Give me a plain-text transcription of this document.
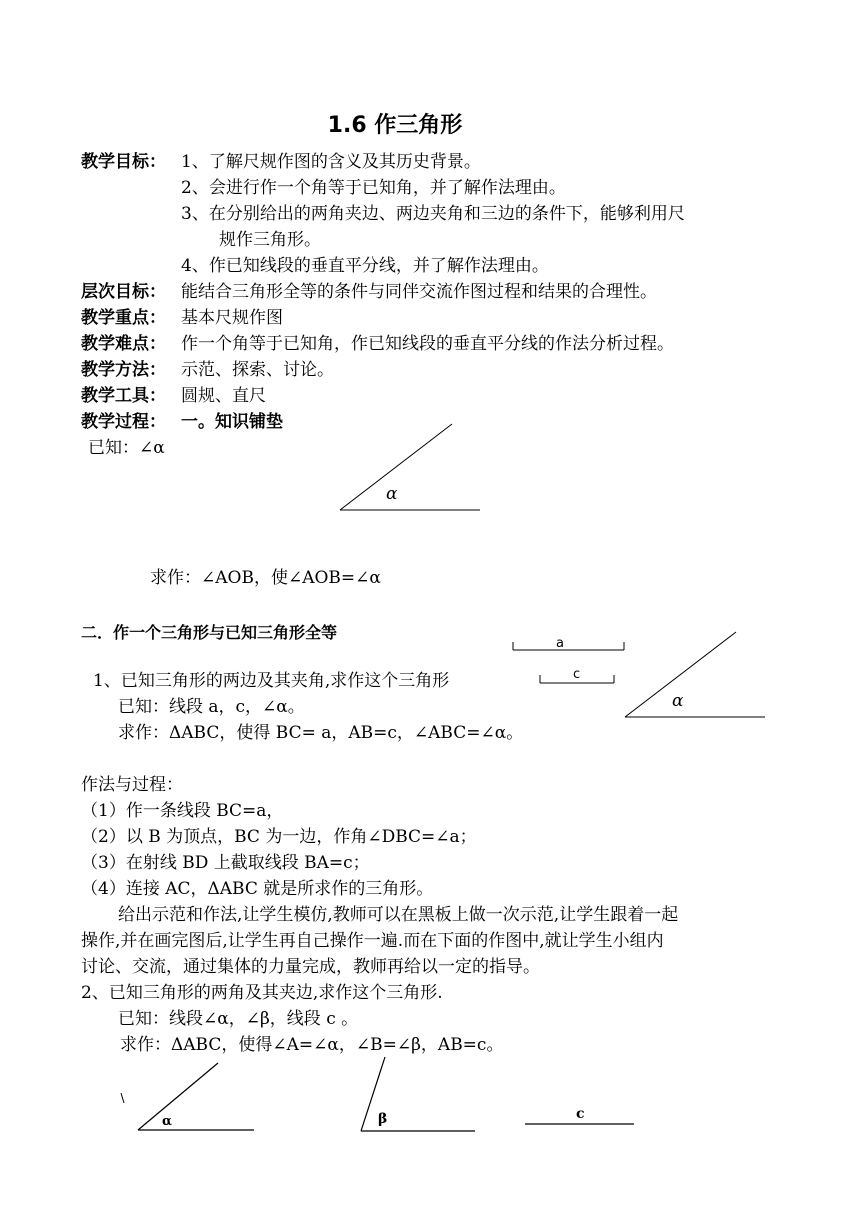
1.6 作三角形
教学目标： 1、了解尺规作图的含义及其历史背景。
2、会进行作一个角等于已知角，并了解作法理由。
3、在分别给出的两角夹边、两边夹角和三边的条件下，能够利用尺
规作三角形。
4、作已知线段的垂直平分线，并了解作法理由。
层次目标： 能结合三角形全等的条件与同伴交流作图过程和结果的合理性。
教学重点： 基本尺规作图
教学难点： 作一个角等于已知角，作已知线段的垂直平分线的作法分析过程。
教学方法： 示范、探索、讨论。
教学工具： 圆规、直尺
教学过程： 一。知识铺垫
已知：∠α
α
求作：∠AOB，使∠AOB=∠α
二．作一个三角形与已知三角形全等
a
c
α
1、已知三角形的两边及其夹角,求作这个三角形
已知：线段 a，c，∠α。
求作：ΔABC，使得 BC= a，AB=c，∠ABC=∠α。
作法与过程：
（1）作一条线段 BC=a，
（2）以 B 为顶点，BC 为一边，作角∠DBC=∠a；
（3）在射线 BD 上截取线段 BA=c；
（4）连接 AC，ΔABC 就是所求作的三角形。
给出示范和作法,让学生模仿,教师可以在黑板上做一次示范,让学生跟着一起
操作,并在画完图后,让学生再自己操作一遍.而在下面的作图中,就让学生小组内
讨论、交流，通过集体的力量完成，教师再给以一定的指导。
2、已知三角形的两角及其夹边,求作这个三角形.
已知：线段∠α，∠β，线段 c 。
求作：ΔABC，使得∠A=∠α，∠B=∠β，AB=c。
α	β	c
